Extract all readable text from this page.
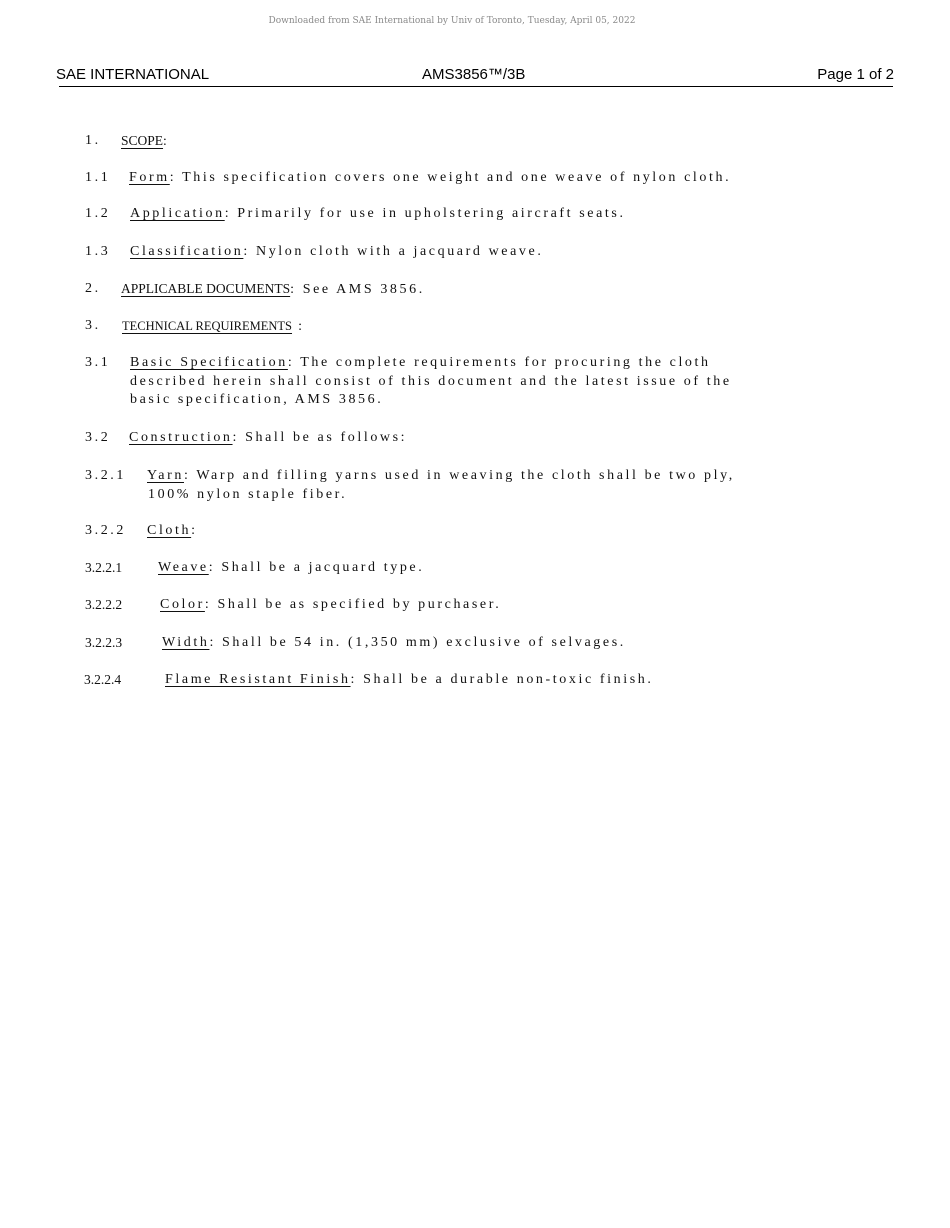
Downloaded from SAE International by Univ of Toronto, Tuesday, April 05, 2022
SAE INTERNATIONAL	AMS3856™/3B	Page 1 of 2
1. SCOPE:
1.1 Form: This specification covers one weight and one weave of nylon cloth.
1.2 Application: Primarily for use in upholstering aircraft seats.
1.3 Classification: Nylon cloth with a jacquard weave.
2. APPLICABLE DOCUMENTS: See AMS 3856.
3. TECHNICAL REQUIREMENTS :
3.1 Basic Specification: The complete requirements for procuring the cloth
described herein shall consist of this document and the latest issue of the
basic specification, AMS 3856.
3.2 Construction: Shall be as follows:
3.2.1 Yarn: Warp and filling yarns used in weaving the cloth shall be two ply,
100% nylon staple fiber.
3.2.2 Cloth:
3.2.2.1	Weave: Shall be a jacquard type.
3.2.2.2	Color: Shall be as specified by purchaser.
3.2.2.3	Width: Shall be 54 in. (1,350 mm) exclusive of selvages.
3.2.2.4	Flame Resistant Finish: Shall be a durable non-toxic finish.
